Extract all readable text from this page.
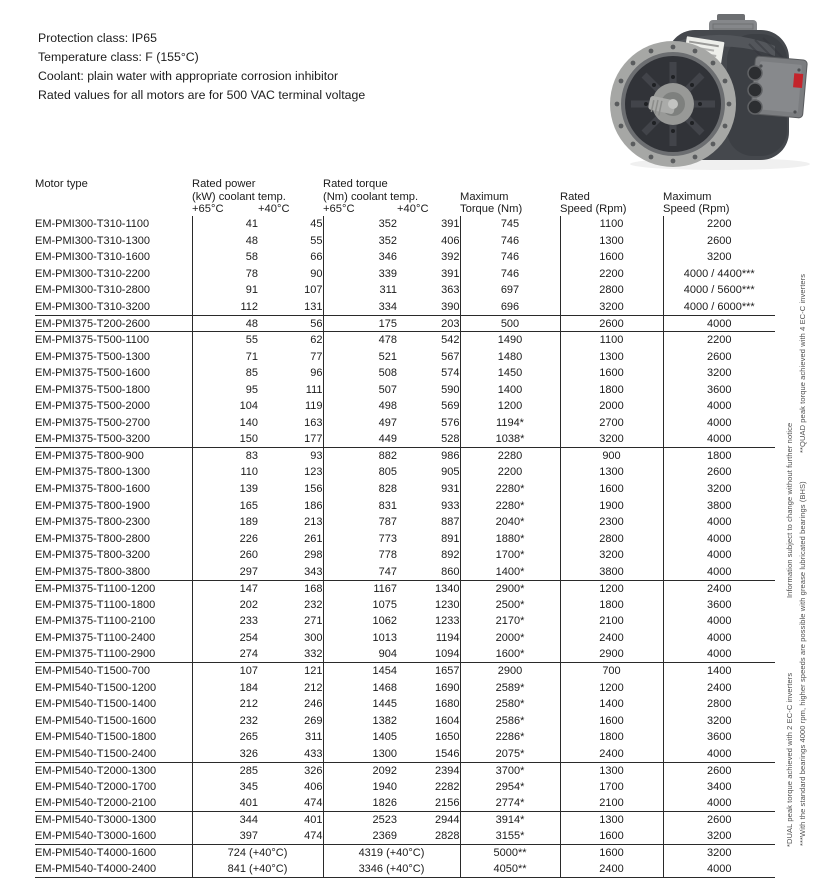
Protection class: IP65
Temperature class: F (155°C)
Coolant: plain water with appropriate corrosion inhibitor
Rated values for all motors are for 500 VAC terminal voltage
Motor type	Rated power		Rated torque				
	(kW) coolant temp.		(Nm) coolant temp.		Maximum	Rated	Maximum
	+65°C	+40°C	+65°C	+40°C	Torque (Nm)	Speed (Rpm)	Speed (Rpm)
EM-PMI300-T310-1100	41	45	352	391	745	1100	2200
EM-PMI300-T310-1300	48	55	352	406	746	1300	2600
EM-PMI300-T310-1600	58	66	346	392	746	1600	3200
EM-PMI300-T310-2200	78	90	339	391	746	2200	4000 / 4400***
EM-PMI300-T310-2800	91	107	311	363	697	2800	4000 / 5600***
EM-PMI300-T310-3200	112	131	334	390	696	3200	4000 / 6000***
EM-PMI375-T200-2600	48	56	175	203	500	2600	4000
EM-PMI375-T500-1100	55	62	478	542	1490	1100	2200
EM-PMI375-T500-1300	71	77	521	567	1480	1300	2600
EM-PMI375-T500-1600	85	96	508	574	1450	1600	3200
EM-PMI375-T500-1800	95	111	507	590	1400	1800	3600
EM-PMI375-T500-2000	104	119	498	569	1200	2000	4000
EM-PMI375-T500-2700	140	163	497	576	1194*	2700	4000
EM-PMI375-T500-3200	150	177	449	528	1038*	3200	4000
EM-PMI375-T800-900	83	93	882	986	2280	900	1800
EM-PMI375-T800-1300	110	123	805	905	2200	1300	2600
EM-PMI375-T800-1600	139	156	828	931	2280*	1600	3200
EM-PMI375-T800-1900	165	186	831	933	2280*	1900	3800
EM-PMI375-T800-2300	189	213	787	887	2040*	2300	4000
EM-PMI375-T800-2800	226	261	773	891	1880*	2800	4000
EM-PMI375-T800-3200	260	298	778	892	1700*	3200	4000
EM-PMI375-T800-3800	297	343	747	860	1400*	3800	4000
EM-PMI375-T1100-1200	147	168	1167	1340	2900*	1200	2400
EM-PMI375-T1100-1800	202	232	1075	1230	2500*	1800	3600
EM-PMI375-T1100-2100	233	271	1062	1233	2170*	2100	4000
EM-PMI375-T1100-2400	254	300	1013	1194	2000*	2400	4000
EM-PMI375-T1100-2900	274	332	904	1094	1600*	2900	4000
EM-PMI540-T1500-700	107	121	1454	1657	2900	700	1400
EM-PMI540-T1500-1200	184	212	1468	1690	2589*	1200	2400
EM-PMI540-T1500-1400	212	246	1445	1680	2580*	1400	2800
EM-PMI540-T1500-1600	232	269	1382	1604	2586*	1600	3200
EM-PMI540-T1500-1800	265	311	1405	1650	2286*	1800	3600
EM-PMI540-T1500-2400	326	433	1300	1546	2075*	2400	4000
EM-PMI540-T2000-1300	285	326	2092	2394	3700*	1300	2600
EM-PMI540-T2000-1700	345	406	1940	2282	2954*	1700	3400
EM-PMI540-T2000-2100	401	474	1826	2156	2774*	2100	4000
EM-PMI540-T3000-1300	344	401	2523	2944	3914*	1300	2600
EM-PMI540-T3000-1600	397	474	2369	2828	3155*	1600	3200
EM-PMI540-T4000-1600	724 (+40°C)		4319 (+40°C)		5000**	1600	3200
EM-PMI540-T4000-2400	841 (+40°C)		3346 (+40°C)		4050**	2400	4000
***With the standard bearings 4000 rpm, higher speeds are possible with grease lubricated bearings (BHS)
**QUAD peak torque achieved with 4 EC-C inverters
*DUAL peak torque achieved with 2 EC-C inverters
Information subject to change without further notice
